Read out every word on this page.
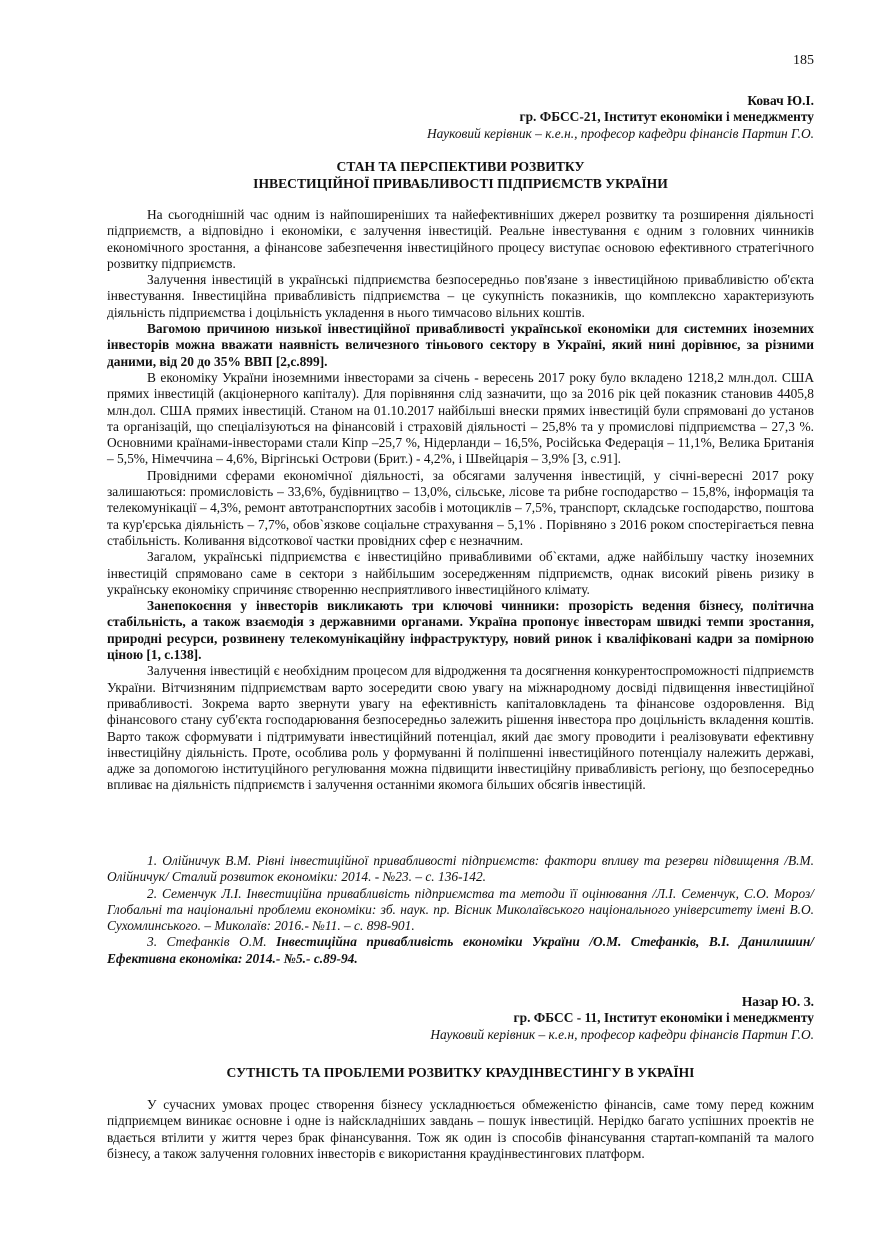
185
Ковач Ю.І.
гр. ФБСС-21, Інститут економіки і менеджменту
Науковий керівник – к.е.н., професор кафедри фінансів Партин Г.О.
СТАН ТА ПЕРСПЕКТИВИ РОЗВИТКУ
ІНВЕСТИЦІЙНОЇ ПРИВАБЛИВОСТІ ПІДПРИЄМСТВ УКРАЇНИ

На сьогоднішній час одним із найпоширеніших та найефективніших джерел розвитку та розширення діяльності підприємств, а відповідно і економіки, є залучення інвестицій. Реальне інвестування є одним з головних чинників економічного зростання, а фінансове забезпечення інвестиційного процесу виступає основою ефективного стратегічного розвитку підприємств.

Залучення інвестицій в українські підприємства безпосередньо пов'язане з інвестиційною привабливістю об'єкта інвестування. Інвестиційна привабливість підприємства – це сукупність показників, що комплексно характеризують діяльність підприємства і доцільність укладення в нього тимчасово вільних коштів.

Вагомою причиною низької інвестиційної привабливості української економіки для системних іноземних інвесторів можна вважати наявність величезного тіньового сектору в Україні, який нині дорівнює, за різними даними, від 20 до 35% ВВП [2,с.899].

В економіку України іноземними інвесторами за січень - вересень 2017 року було вкладено 1218,2 млн.дол. США прямих інвестицій (акціонерного капіталу). Для порівняння слід зазначити, що за 2016 рік цей показник становив 4405,8 млн.дол. США прямих інвестицій. Станом на 01.10.2017 найбільші внески прямих інвестицій були спрямовані до установ та організацій, що спеціалізуються на фінансовій і страховій діяльності – 25,8% та у промислові підприємства – 27,3 %. Основними країнами-інвесторами стали Кіпр –25,7 %, Нідерланди – 16,5%, Російська Федерація – 11,1%, Велика Британія – 5,5%, Німеччина – 4,6%, Віргінські Острови (Брит.) - 4,2%, і Швейцарія – 3,9% [3, с.91].

Провідними сферами економічної діяльності, за обсягами залучення інвестицій, у січні-вересні 2017 року залишаються: промисловість – 33,6%, будівництво – 13,0%, сільське, лісове та рибне господарство – 15,8%, інформація та телекомунікації – 4,3%, ремонт автотранспортних засобів і мотоциклів – 7,5%, транспорт, складське господарство, поштова та кур'єрська діяльність – 7,7%, обов`язкове соціальне страхування – 5,1% . Порівняно з 2016 роком спостерігається певна стабільність. Коливання відсоткової частки провідних сфер є незначним.

Загалом, українські підприємства є інвестиційно привабливими об`єктами, адже найбільшу частку іноземних інвестицій спрямовано саме в сектори з найбільшим зосередженням підприємств, однак високий рівень ризику в українську економіку спричиняє створенню несприятливого інвестиційного клімату.

Занепокоєння у інвесторів викликають три ключові чинники: прозорість ведення бізнесу, політична стабільність, а також взаємодія з державними органами. Україна пропонує інвесторам швидкі темпи зростання, природні ресурси, розвинену телекомунікаційну інфраструктуру, новий ринок і кваліфіковані кадри за помірною ціною [1, с.138].

Залучення інвестицій є необхідним процесом для відродження та досягнення конкурентоспроможності підприємств України. Вітчизняним підприємствам варто зосередити свою увагу на міжнародному досвіді підвищення інвестиційної привабливості. Зокрема варто звернути увагу на ефективність капіталовкладень та фінансове оздоровлення. Від фінансового стану суб'єкта господарювання безпосередньо залежить рішення інвестора про доцільність вкладення коштів. Варто також сформувати і підтримувати інвестиційний потенціал, який дає змогу проводити і реалізовувати ефективну інвестиційну діяльність. Проте, особлива роль у формуванні й поліпшенні інвестиційного потенціалу належить державі, адже за допомогою інституційного регулювання можна підвищити інвестиційну привабливість регіону, що безпосередньо впливає на діяльність підприємств і залучення останніми якомога більших обсягів інвестицій.

1. Олійничук В.М. Рівні інвестиційної привабливості підприємств: фактори впливу та резерви підвищення /В.М. Олійничук/ Сталий розвиток економіки: 2014. - №23. – с. 136-142.

2. Семенчук Л.І. Інвестиційна привабливість підприємства та методи її оцінювання /Л.І. Семенчук, С.О. Мороз/ Глобальні та національні проблеми економіки: зб. наук. пр. Вісник Миколаївського національного університету імені В.О. Сухомлинського. – Миколаїв: 2016.- №11. – с. 898-901.

3. Стефанків О.М. Інвестиційна привабливість економіки України /О.М. Стефанків, В.І. Данилишин/ Ефективна економіка: 2014.- №5.- с.89-94.

Назар Ю. З.
гр. ФБСС - 11, Інститут економіки і менеджменту
Науковий керівник – к.е.н, професор кафедри фінансів Партин Г.О.
СУТНІСТЬ ТА ПРОБЛЕМИ РОЗВИТКУ КРАУДІНВЕСТИНГУ В УКРАЇНІ

У сучасних умовах процес створення бізнесу ускладнюється обмеженістю фінансів, саме тому перед кожним підприємцем виникає основне і одне із найскладніших завдань – пошук інвестицій. Нерідко багато успішних проектів не вдається втілити у життя через брак фінансування. Тож як один із способів фінансування стартап-компаній та малого бізнесу, а також залучення головних інвесторів є використання краудінвестингових платформ.
